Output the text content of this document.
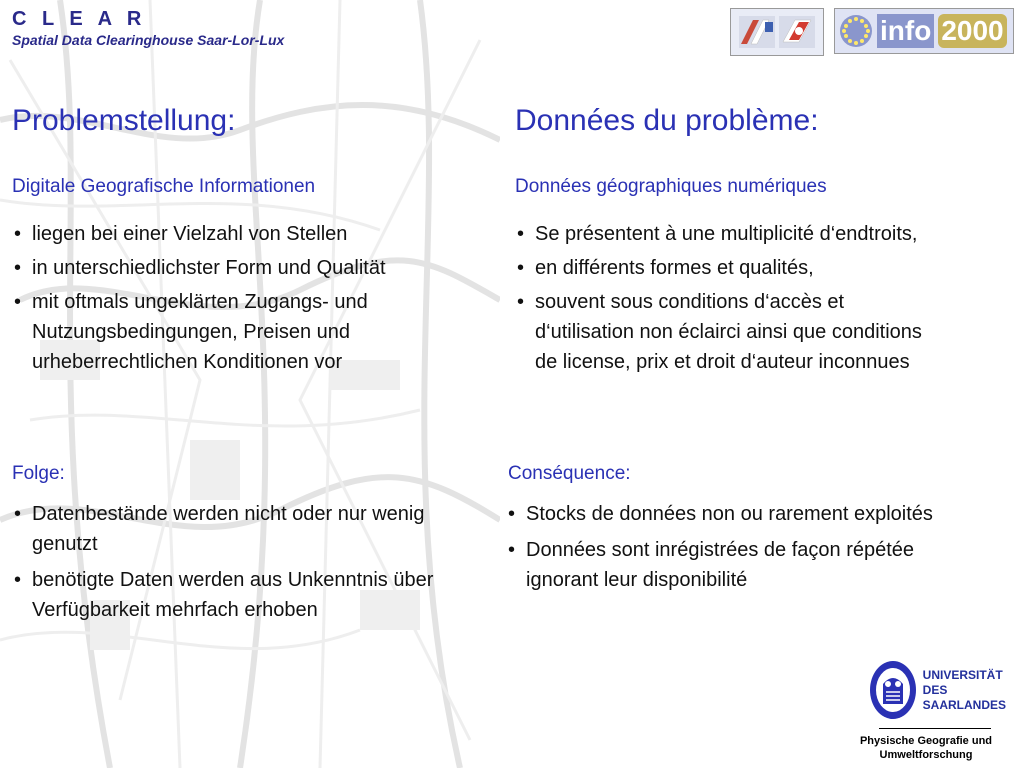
C L E A R
Spatial Data Clearinghouse Saar-Lor-Lux	info 2000
Problemstellung:
Digitale Geografische Informationen
• liegen bei einer Vielzahl von Stellen
• in unterschiedlichster Form und Qualität
• mit oftmals ungeklärten Zugangs- und Nutzungsbedingungen, Preisen und urheberrechtlichen Konditionen vor
Folge:
• Datenbestände werden nicht oder nur wenig genutzt
• benötigte Daten werden aus Unkenntnis über Verfügbarkeit mehrfach erhoben
Données du problème:
Données géographiques numériques
• Se présentent à une multiplicité d‘endtroits,
• en différents formes et qualités,
• souvent sous conditions d‘accès et d‘utilisation non éclairci ainsi que conditions de license, prix et droit d‘auteur inconnues
Conséquence:
• Stocks de données non ou rarement exploités
• Données sont inrégistrées de façon répétée ignorant leur disponibilité
UNIVERSITÄT
DES
SAARLANDES
Physische Geografie und
Umweltforschung
